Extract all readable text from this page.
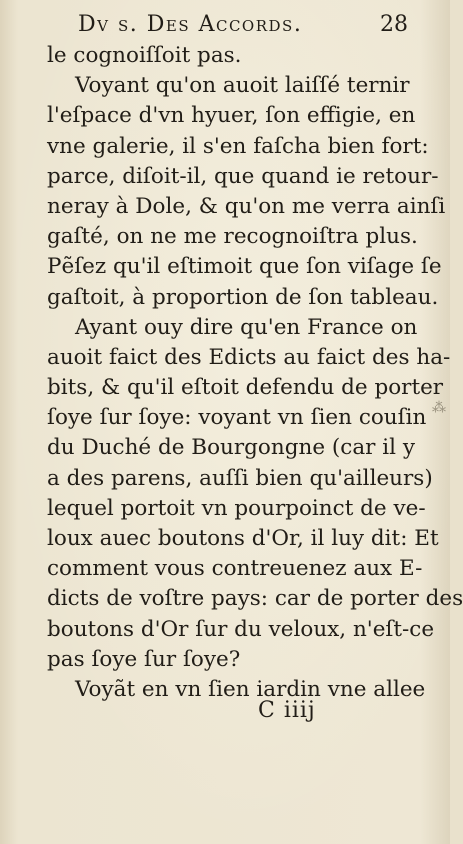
Dv s. Des Accords.	28
le cognoiſſoit pas.
Voyant qu'on auoit laiſſé ternir
l'eſpace d'vn hyuer, ſon effigie, en
vne galerie, il s'en faſcha bien fort:
parce, diſoit-il, que quand ie retour-
neray à Dole, & qu'on me verra ainſi
gaſté, on ne me recognoiſtra plus.
Pẽſez qu'il eſtimoit que ſon viſage ſe
gaſtoit, à proportion de ſon tableau.
Ayant ouy dire qu'en France on
auoit faict des Edicts au faict des ha-
bits, & qu'il eſtoit defendu de porter
ſoye ſur ſoye: voyant vn ſien couſin
du Duché de Bourgongne (car il y
a des parens, auſſi bien qu'ailleurs)
lequel portoit vn pourpoinct de ve-
loux auec boutons d'Or, il luy dit: Et
comment vous contreuenez aux E-
dicts de voſtre pays: car de porter des
boutons d'Or ſur du veloux, n'eſt-ce
pas ſoye ſur ſoye?
Voyãt en vn ſien iardin vne allee
C iiij
⁂
